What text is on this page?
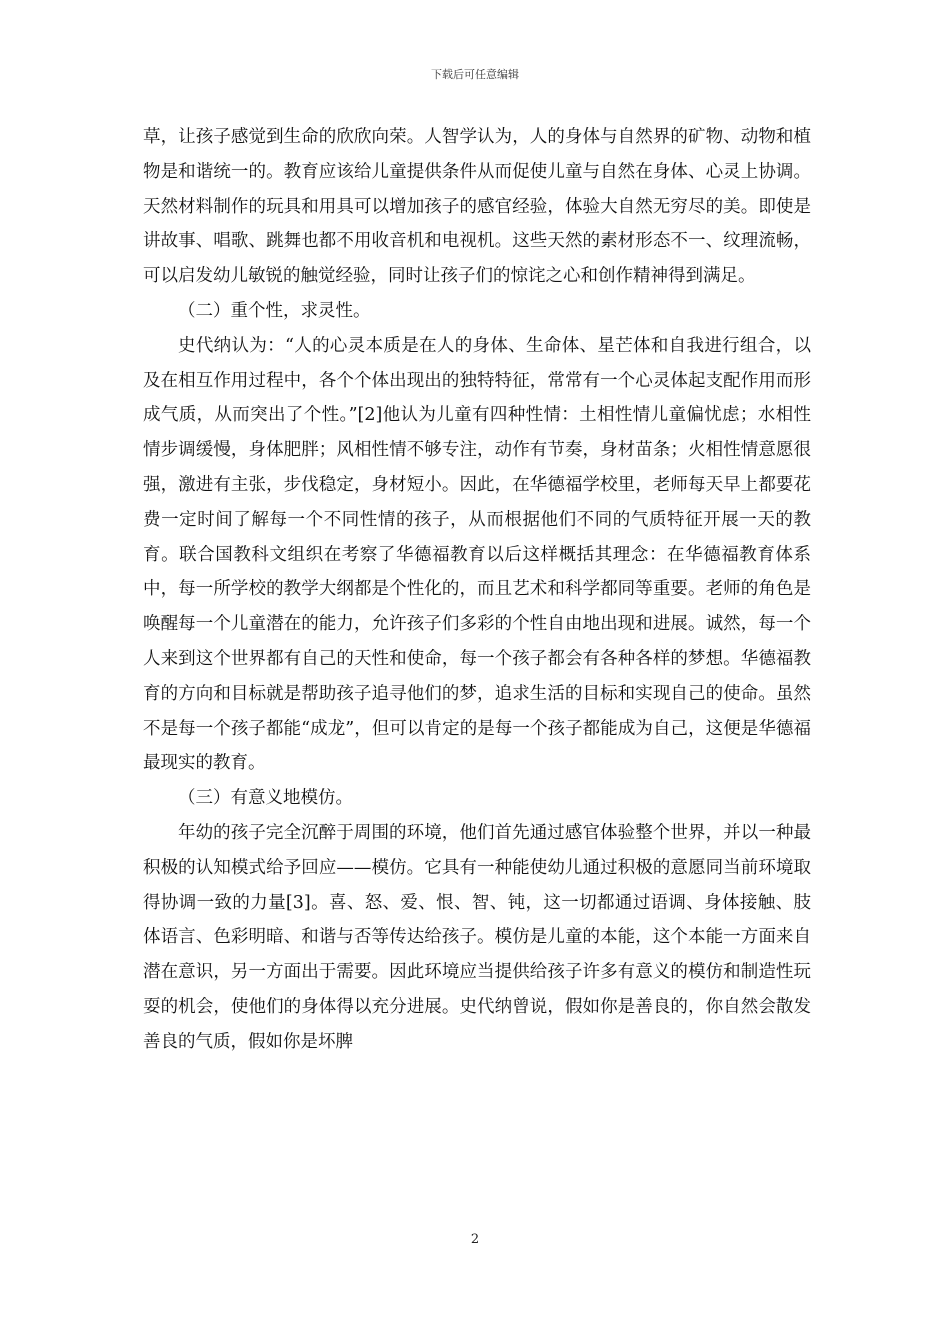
下载后可任意编辑

草，让孩子感觉到生命的欣欣向荣。人智学认为，人的身体与自然界的矿物、动物和植物是和谐统一的。教育应该给儿童提供条件从而促使儿童与自然在身体、心灵上协调。天然材料制作的玩具和用具可以增加孩子的感官经验，体验大自然无穷尽的美。即使是讲故事、唱歌、跳舞也都不用收音机和电视机。这些天然的素材形态不一、纹理流畅，可以启发幼儿敏锐的触觉经验，同时让孩子们的惊诧之心和创作精神得到满足。

（二）重个性，求灵性。

史代纳认为：“人的心灵本质是在人的身体、生命体、星芒体和自我进行组合，以及在相互作用过程中，各个个体出现出的独特特征，常常有一个心灵体起支配作用而形成气质，从而突出了个性。”[2]他认为儿童有四种性情：土相性情儿童偏忧虑；水相性情步调缓慢，身体肥胖；风相性情不够专注，动作有节奏，身材苗条；火相性情意愿很强，激进有主张，步伐稳定，身材短小。因此，在华德福学校里，老师每天早上都要花费一定时间了解每一个不同性情的孩子，从而根据他们不同的气质特征开展一天的教育。联合国教科文组织在考察了华德福教育以后这样概括其理念：在华德福教育体系中，每一所学校的教学大纲都是个性化的，而且艺术和科学都同等重要。老师的角色是唤醒每一个儿童潜在的能力，允许孩子们多彩的个性自由地出现和进展。诚然，每一个人来到这个世界都有自己的天性和使命，每一个孩子都会有各种各样的梦想。华德福教育的方向和目标就是帮助孩子追寻他们的梦，追求生活的目标和实现自己的使命。虽然不是每一个孩子都能“成龙”，但可以肯定的是每一个孩子都能成为自己，这便是华德福最现实的教育。

（三）有意义地模仿。

年幼的孩子完全沉醉于周围的环境，他们首先通过感官体验整个世界，并以一种最积极的认知模式给予回应——模仿。它具有一种能使幼儿通过积极的意愿同当前环境取得协调一致的力量[3]。喜、怒、爱、恨、智、钝，这一切都通过语调、身体接触、肢体语言、色彩明暗、和谐与否等传达给孩子。模仿是儿童的本能，这个本能一方面来自潜在意识，另一方面出于需要。因此环境应当提供给孩子许多有意义的模仿和制造性玩耍的机会，使他们的身体得以充分进展。史代纳曾说，假如你是善良的，你自然会散发善良的气质，假如你是坏脾

2
